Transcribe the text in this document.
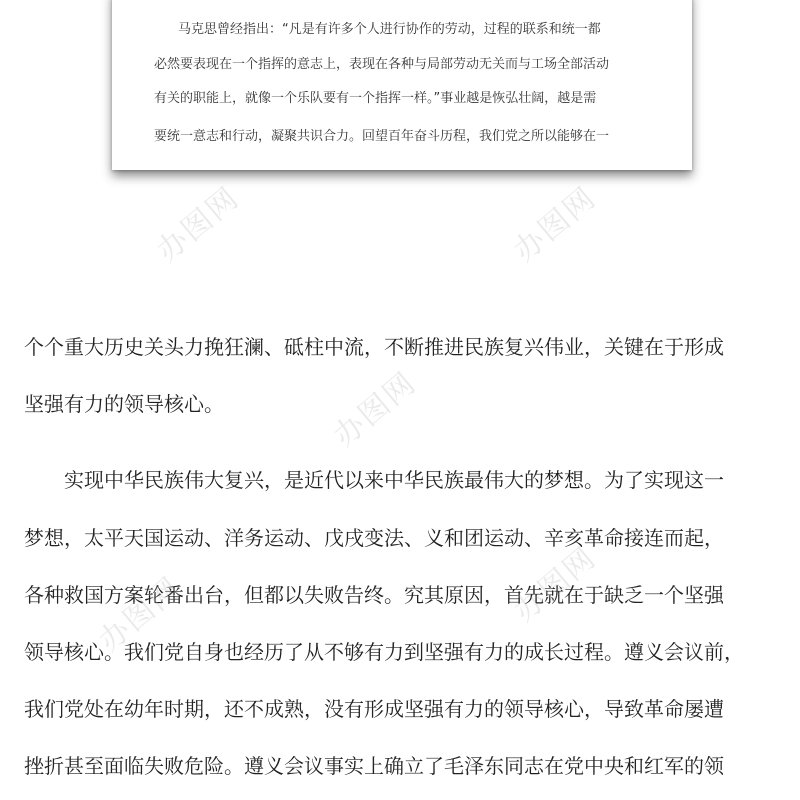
马克思曾经指出：“凡是有许多个人进行协作的劳动，过程的联系和统一都
必然要表现在一个指挥的意志上，表现在各种与局部劳动无关而与工场全部活动
有关的职能上，就像一个乐队要有一个指挥一样。”事业越是恢弘壮阔，越是需
要统一意志和行动，凝聚共识合力。回望百年奋斗历程，我们党之所以能够在一
个个重大历史关头力挽狂澜、砥柱中流，不断推进民族复兴伟业，关键在于形成
坚强有力的领导核心。
实现中华民族伟大复兴，是近代以来中华民族最伟大的梦想。为了实现这一
梦想，太平天国运动、洋务运动、戊戌变法、义和团运动、辛亥革命接连而起，
各种救国方案轮番出台，但都以失败告终。究其原因，首先就在于缺乏一个坚强
领导核心。我们党自身也经历了从不够有力到坚强有力的成长过程。遵义会议前，
我们党处在幼年时期，还不成熟，没有形成坚强有力的领导核心，导致革命屡遭
挫折甚至面临失败危险。遵义会议事实上确立了毛泽东同志在党中央和红军的领
办图网	办图网
办图网
办图网
办图网
